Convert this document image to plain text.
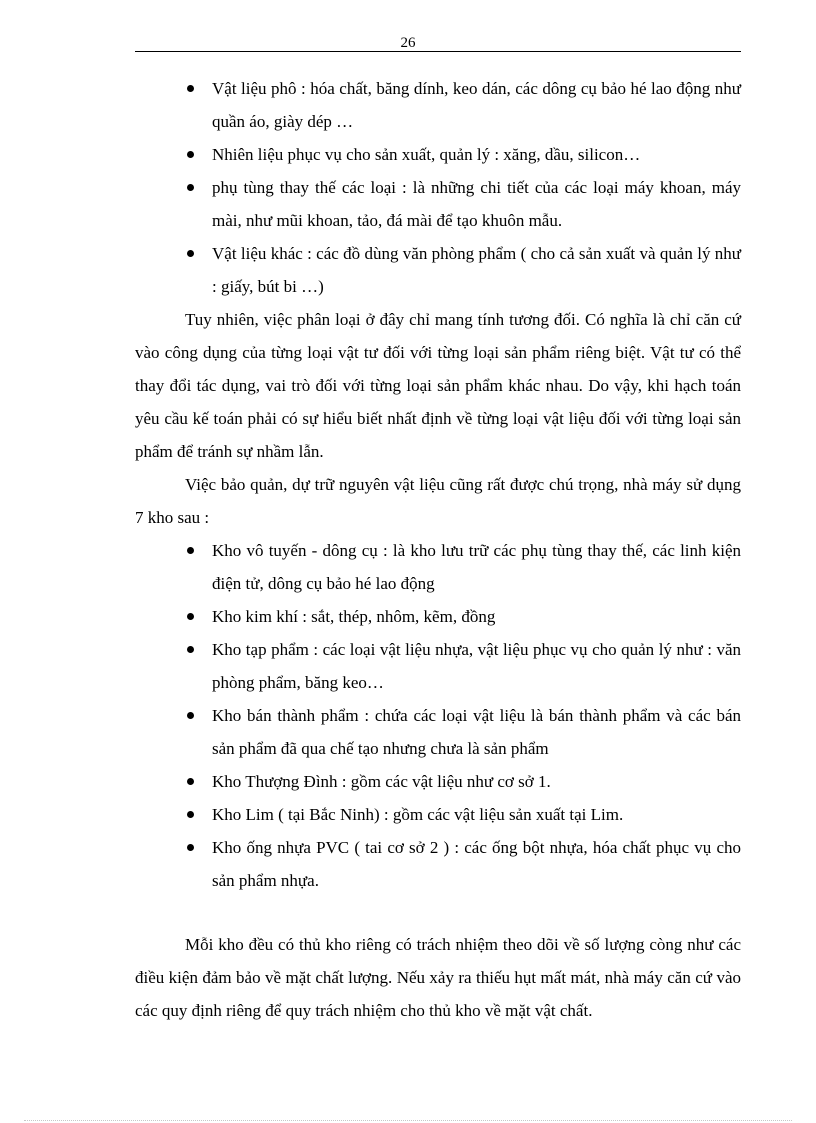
26
Vật liệu phô : hóa chất, băng dính, keo dán, các dông cụ bảo hé lao động như quần áo, giày dép …
Nhiên liệu phục vụ cho sản xuất, quản lý : xăng, dầu, silicon…
phụ tùng thay thế các loại : là những chi tiết của các loại máy khoan, máy mài, như mũi khoan, tảo, đá mài để tạo khuôn mẫu.
Vật liệu khác : các đồ dùng văn phòng phẩm ( cho cả sản xuất và quản lý như : giấy, bút bi …)

Tuy nhiên, việc phân loại ở đây chỉ mang tính tương đối. Có nghĩa là chỉ căn cứ vào công dụng của từng loại vật tư đối với từng loại sản phẩm riêng biệt. Vật tư có thể thay đổi tác dụng, vai trò đối với từng loại sản phẩm khác nhau. Do vậy, khi hạch toán yêu cầu kế toán phải có sự hiểu biết nhất định về từng loại vật liệu đối với từng loại sản phẩm để tránh sự nhầm lẫn.

Việc bảo quản, dự trữ nguyên vật liệu cũng rất được chú trọng, nhà máy sử dụng 7 kho sau :

Kho vô tuyến - dông cụ : là kho lưu trữ các phụ tùng thay thế, các linh kiện điện tử, dông cụ bảo hé lao động
Kho kim khí : sắt, thép, nhôm, kẽm, đồng
Kho tạp phẩm : các loại vật liệu nhựa, vật liệu phục vụ cho quản lý như : văn phòng phẩm, băng keo…
Kho bán thành phẩm : chứa các loại vật liệu là bán thành phẩm và các bán sản phẩm đã qua chế tạo nhưng chưa là sản phẩm
Kho Thượng Đình : gồm các vật liệu như cơ sở 1.
Kho Lim ( tại Bắc Ninh) : gồm các vật liệu sản xuất tại Lim.
Kho ống nhựa PVC ( tai cơ sở 2 ) : các ống bột nhựa, hóa chất phục vụ cho sản phẩm nhựa.

Mỗi kho đều có thủ kho riêng có trách nhiệm theo dõi về số lượng còng như các điều kiện đảm bảo về mặt chất lượng. Nếu xảy ra thiếu hụt mất mát, nhà máy căn cứ vào các quy định riêng để quy trách nhiệm cho thủ kho về mặt vật chất.
